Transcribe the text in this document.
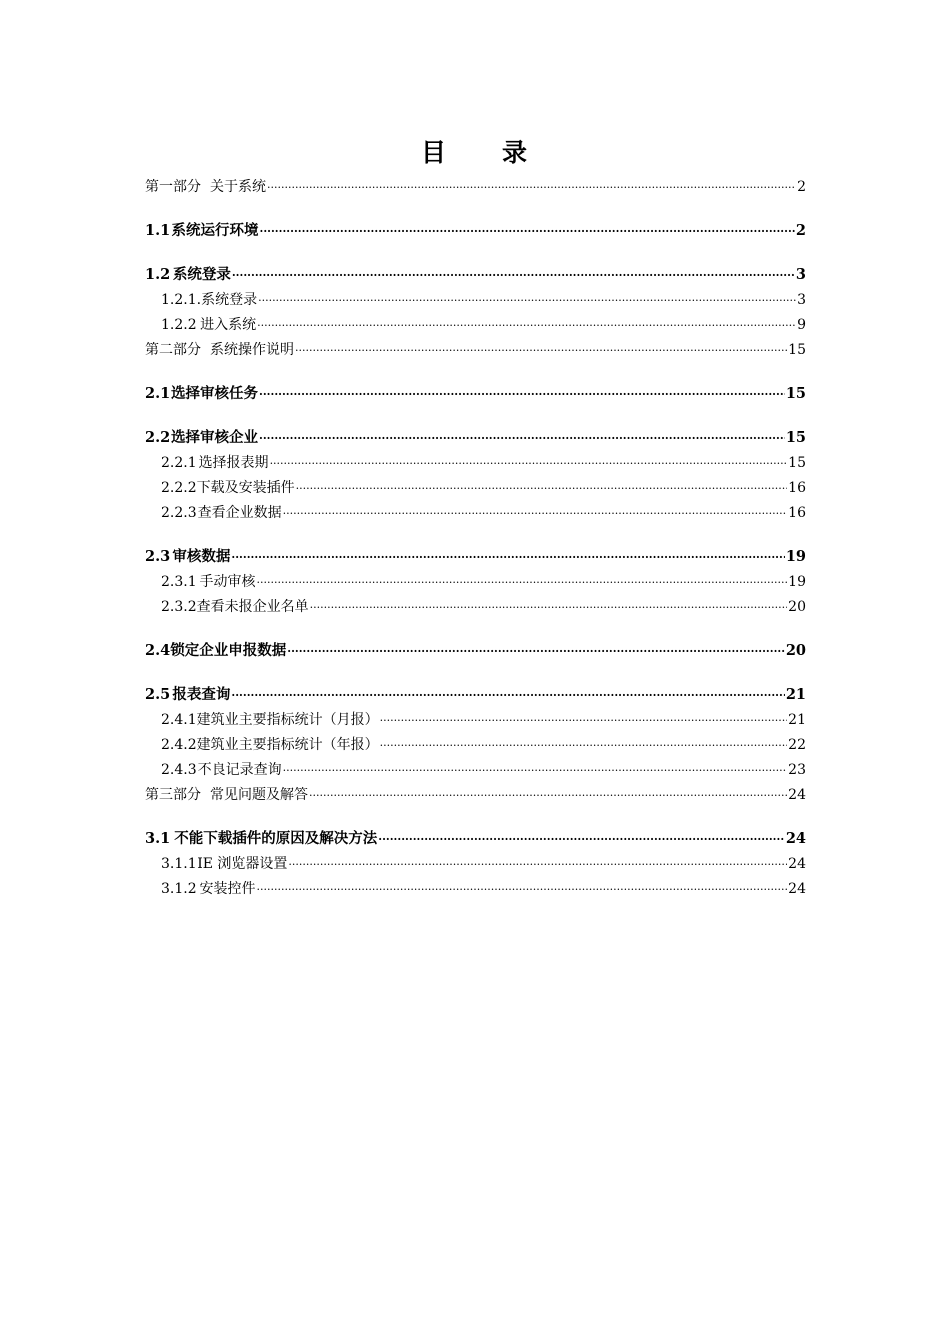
目　　录
第一部分 关于系统 .....	2
1.1 系统运行环境 .....	2
1.2 系统登录 .....	3
1.2.1. 系统登录 .....	3
1.2.2 进入系统 .....	9
第二部分 系统操作说明 .....	15
2.1 选择审核任务 .....	15
2.2 选择审核企业 .....	15
2.2.1 选择报表期 .....	15
2.2.2 下载及安装插件 .....	16
2.2.3 查看企业数据 .....	16
2.3 审核数据 .....	19
2.3.1 手动审核 .....	19
2.3.2 查看未报企业名单 .....	20
2.4 锁定企业申报数据 .....	20
2.5 报表查询 .....	21
2.4.1 建筑业主要指标统计（月报） .....	21
2.4.2 建筑业主要指标统计（年报） .....	22
2.4.3 不良记录查询 .....	23
第三部分 常见问题及解答 .....	24
3.1 不能下载插件的原因及解决方法 .....	24
3.1.1 IE 浏览器设置 .....	24
3.1.2 安装控件 .....	24
